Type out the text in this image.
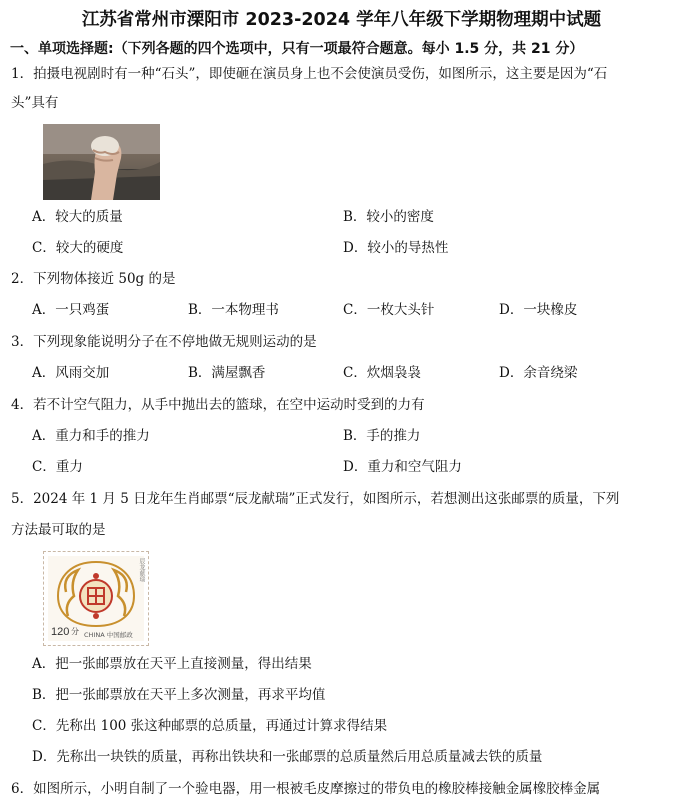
江苏省常州市溧阳市 2023-2024 学年八年级下学期物理期中试题
一、单项选择题:（下列各题的四个选项中，只有一项最符合题意。每小 1.5 分，共 21 分）
1．拍摄电视剧时有一种“石头”，即使砸在演员身上也不会使演员受伤，如图所示，这主要是因为“石
头”具有
A．较大的质量	B．较小的密度
C．较大的硬度	D．较小的导热性
2．下列物体接近 50g 的是
A．一只鸡蛋	B．一本物理书	C．一枚大头针	D．一块橡皮
3．下列现象能说明分子在不停地做无规则运动的是
A．风雨交加	B．满屋飘香	C．炊烟袅袅	D．余音绕梁
4．若不计空气阻力，从手中抛出去的篮球，在空中运动时受到的力有
A．重力和手的推力	B．手的推力
C．重力	D．重力和空气阻力
5．2024 年 1 月 5 日龙年生肖邮票“辰龙献瑞”正式发行，如图所示，若想测出这张邮票的质量，下列
方法最可取的是
120 分 CHINA 中国邮政
辰龙献瑞
A．把一张邮票放在天平上直接测量，得出结果
B．把一张邮票放在天平上多次测量，再求平均值
C．先称出 100 张这种邮票的总质量，再通过计算求得结果
D．先称出一块铁的质量，再称出铁块和一张邮票的总质量然后用总质量减去铁的质量
6．如图所示，小明自制了一个验电器，用一根被毛皮摩擦过的带负电的橡胶棒接触金属橡胶棒金属
